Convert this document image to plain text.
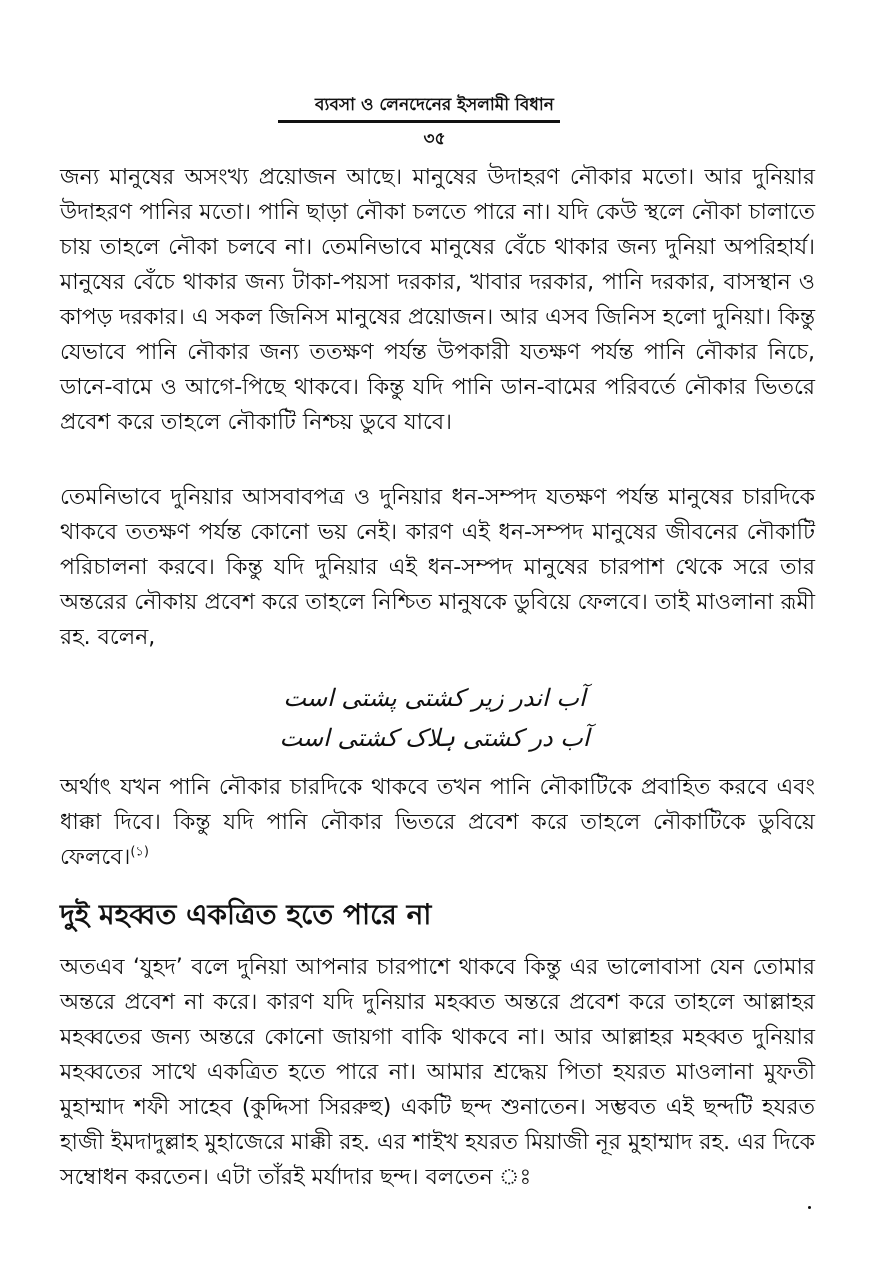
ব্যবসা ও লেনদেনের ইসলামী বিধান
৩৫

জন্য মানুষের অসংখ্য প্রয়োজন আছে। মানুষের উদাহরণ নৌকার মতো। আর দুনিয়ার উদাহরণ পানির মতো। পানি ছাড়া নৌকা চলতে পারে না। যদি কেউ স্থলে নৌকা চালাতে চায় তাহলে নৌকা চলবে না। তেমনিভাবে মানুষের বেঁচে থাকার জন্য দুনিয়া অপরিহার্য। মানুষের বেঁচে থাকার জন্য টাকা-পয়সা দরকার, খাবার দরকার, পানি দরকার, বাসস্থান ও কাপড় দরকার। এ সকল জিনিস মানুষের প্রয়োজন। আর এসব জিনিস হলো দুনিয়া। কিন্তু যেভাবে পানি নৌকার জন্য ততক্ষণ পর্যন্ত উপকারী যতক্ষণ পর্যন্ত পানি নৌকার নিচে, ডানে-বামে ও আগে-পিছে থাকবে। কিন্তু যদি পানি ডান-বামের পরিবর্তে নৌকার ভিতরে প্রবেশ করে তাহলে নৌকাটি নিশ্চয় ডুবে যাবে।

তেমনিভাবে দুনিয়ার আসবাবপত্র ও দুনিয়ার ধন-সম্পদ যতক্ষণ পর্যন্ত মানুষের চারদিকে থাকবে ততক্ষণ পর্যন্ত কোনো ভয় নেই। কারণ এই ধন-সম্পদ মানুষের জীবনের নৌকাটি পরিচালনা করবে। কিন্তু যদি দুনিয়ার এই ধন-সম্পদ মানুষের চারপাশ থেকে সরে তার অন্তরের নৌকায় প্রবেশ করে তাহলে নিশ্চিত মানুষকে ডুবিয়ে ফেলবে। তাই মাওলানা রূমী রহ. বলেন,

آب اندر زیر کشتی پشتی است
آب در کشتی ہلاک کشتی است

অর্থাৎ যখন পানি নৌকার চারদিকে থাকবে তখন পানি নৌকাটিকে প্রবাহিত করবে এবং ধাক্কা দিবে। কিন্তু যদি পানি নৌকার ভিতরে প্রবেশ করে তাহলে নৌকাটিকে ডুবিয়ে ফেলবে।$^{(১)}$

দুই মহব্বত একত্রিত হতে পারে না

অতএব ‘যুহদ’ বলে দুনিয়া আপনার চারপাশে থাকবে কিন্তু এর ভালোবাসা যেন তোমার অন্তরে প্রবেশ না করে। কারণ যদি দুনিয়ার মহব্বত অন্তরে প্রবেশ করে তাহলে আল্লাহর মহব্বতের জন্য অন্তরে কোনো জায়গা বাকি থাকবে না। আর আল্লাহর মহব্বত দুনিয়ার মহব্বতের সাথে একত্রিত হতে পারে না। আমার শ্রদ্ধেয় পিতা হযরত মাওলানা মুফতী মুহাম্মাদ শফী সাহেব (কুদ্দিসা সিররুহু) একটি ছন্দ শুনাতেন। সম্ভবত এই ছন্দটি হযরত হাজী ইমদাদুল্লাহ মুহাজেরে মাক্কী রহ. এর শাইখ হযরত মিয়াজী নূর মুহাম্মাদ রহ. এর দিকে সম্বোধন করতেন। এটা তাঁরই মর্যাদার ছন্দ। বলতেন ঃ
